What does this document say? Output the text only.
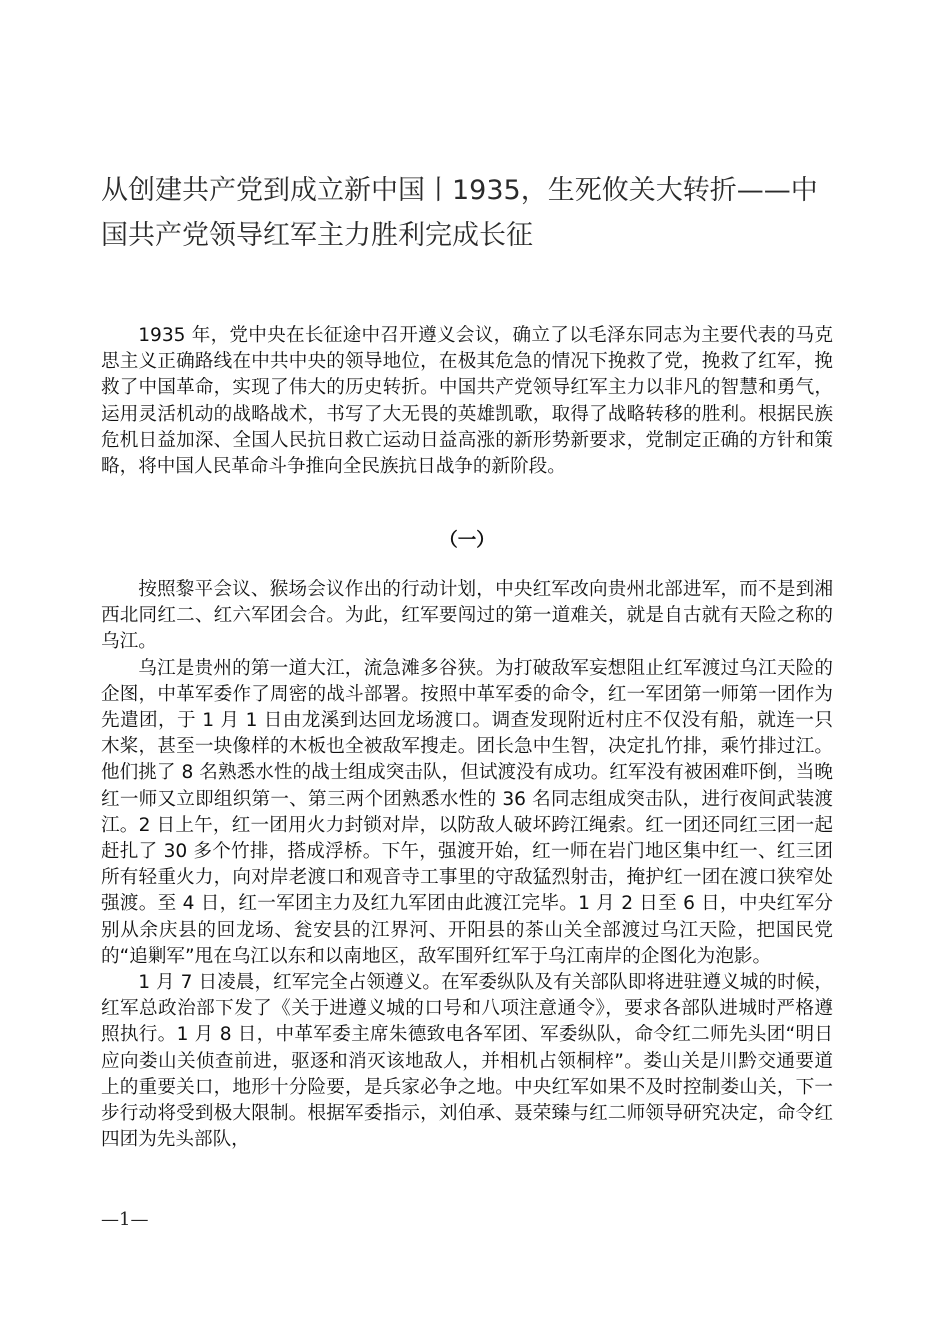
从创建共产党到成立新中国丨1935，生死攸关大转折——中国共产党领导红军主力胜利完成长征

1935 年，党中央在长征途中召开遵义会议，确立了以毛泽东同志为主要代表的马克思主义正确路线在中共中央的领导地位，在极其危急的情况下挽救了党，挽救了红军，挽救了中国革命，实现了伟大的历史转折。中国共产党领导红军主力以非凡的智慧和勇气，运用灵活机动的战略战术，书写了大无畏的英雄凯歌，取得了战略转移的胜利。根据民族危机日益加深、全国人民抗日救亡运动日益高涨的新形势新要求，党制定正确的方针和策略，将中国人民革命斗争推向全民族抗日战争的新阶段。

（一）

按照黎平会议、猴场会议作出的行动计划，中央红军改向贵州北部进军，而不是到湘西北同红二、红六军团会合。为此，红军要闯过的第一道难关，就是自古就有天险之称的乌江。

乌江是贵州的第一道大江，流急滩多谷狭。为打破敌军妄想阻止红军渡过乌江天险的企图，中革军委作了周密的战斗部署。按照中革军委的命令，红一军团第一师第一团作为先遣团，于 1 月 1 日由龙溪到达回龙场渡口。调查发现附近村庄不仅没有船，就连一只木桨，甚至一块像样的木板也全被敌军搜走。团长急中生智，决定扎竹排，乘竹排过江。他们挑了 8 名熟悉水性的战士组成突击队，但试渡没有成功。红军没有被困难吓倒，当晚红一师又立即组织第一、第三两个团熟悉水性的 36 名同志组成突击队，进行夜间武装渡江。2 日上午，红一团用火力封锁对岸，以防敌人破坏跨江绳索。红一团还同红三团一起赶扎了 30 多个竹排，搭成浮桥。下午，强渡开始，红一师在岩门地区集中红一、红三团所有轻重火力，向对岸老渡口和观音寺工事里的守敌猛烈射击，掩护红一团在渡口狭窄处强渡。至 4 日，红一军团主力及红九军团由此渡江完毕。1 月 2 日至 6 日，中央红军分别从余庆县的回龙场、瓮安县的江界河、开阳县的茶山关全部渡过乌江天险，把国民党的“追剿军”甩在乌江以东和以南地区，敌军围歼红军于乌江南岸的企图化为泡影。

1 月 7 日凌晨，红军完全占领遵义。在军委纵队及有关部队即将进驻遵义城的时候，红军总政治部下发了《关于进遵义城的口号和八项注意通令》，要求各部队进城时严格遵照执行。1 月 8 日，中革军委主席朱德致电各军团、军委纵队，命令红二师先头团“明日应向娄山关侦查前进，驱逐和消灭该地敌人，并相机占领桐梓”。娄山关是川黔交通要道上的重要关口，地形十分险要，是兵家必争之地。中央红军如果不及时控制娄山关，下一步行动将受到极大限制。根据军委指示，刘伯承、聂荣臻与红二师领导研究决定，命令红四团为先头部队，

—1—
